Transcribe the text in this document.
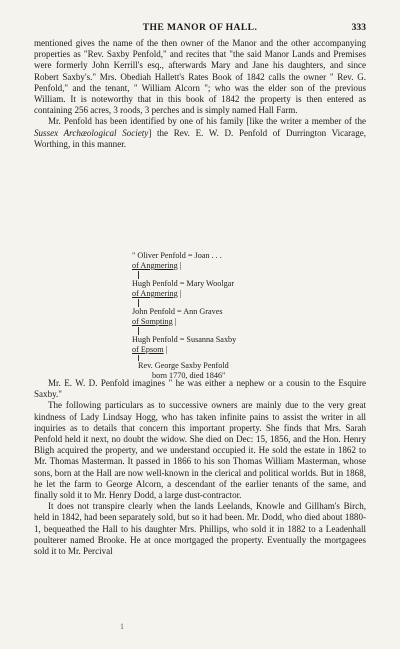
THE MANOR OF HALL.	333

mentioned gives the name of the then owner of the Manor and the other accompanying properties as "Rev. Saxby Penfold," and recites that "the said Manor Lands and Premises were formerly John Kerrill's esq., afterwards Mary and Jane his daughters, and since Robert Saxby's." Mrs. Obediah Hallett's Rates Book of 1842 calls the owner " Rev. G. Penfold," and the tenant, " William Alcorn "; who was the elder son of the previous William. It is noteworthy that in this book of 1842 the property is then entered as containing 256 acres, 3 roods, 3 perches and is simply named Hall Farm.

Mr. Penfold has been identified by one of his family [like the writer a member of the Sussex Archæological Society] the Rev. E. W. D. Penfold of Durrington Vicarage, Worthing, in this manner.

" Oliver Penfold = Joan . . .
of Angmering |
Hugh Penfold = Mary Woolgar
of Angmering |
John Penfold = Ann Graves
of Sompting |
Hugh Penfold = Susanna Saxby
of Epsom |
Rev. George Saxby Penfold
born 1770, died 1846"

Mr. E. W. D. Penfold imagines " he was either a nephew or a cousin to the Esquire Saxby."

The following particulars as to successive owners are mainly due to the very great kindness of Lady Lindsay Hogg, who has taken infinite pains to assist the writer in all inquiries as to details that concern this important property. She finds that Mrs. Sarah Penfold held it next, no doubt the widow. She died on Dec: 15, 1856, and the Hon. Henry Bligh acquired the property, and we understand occupied it. He sold the estate in 1862 to Mr. Thomas Masterman. It passed in 1866 to his son Thomas William Masterman, whose sons, born at the Hall are now well-known in the clerical and political worlds. But in 1868, he let the farm to George Alcorn, a descendant of the earlier tenants of the same, and finally sold it to Mr. Henry Dodd, a large dust-contractor.

It does not transpire clearly when the lands Leelands, Knowle and Gillham's Birch, held in 1842, had been separately sold, but so it had been. Mr. Dodd, who died about 1880-1, bequeathed the Hall to his daughter Mrs. Phillips, who sold it in 1882 to a Leadenhall poulterer named Brooke. He at once mortgaged the property. Eventually the mortgagees sold it to Mr. Percival

1
